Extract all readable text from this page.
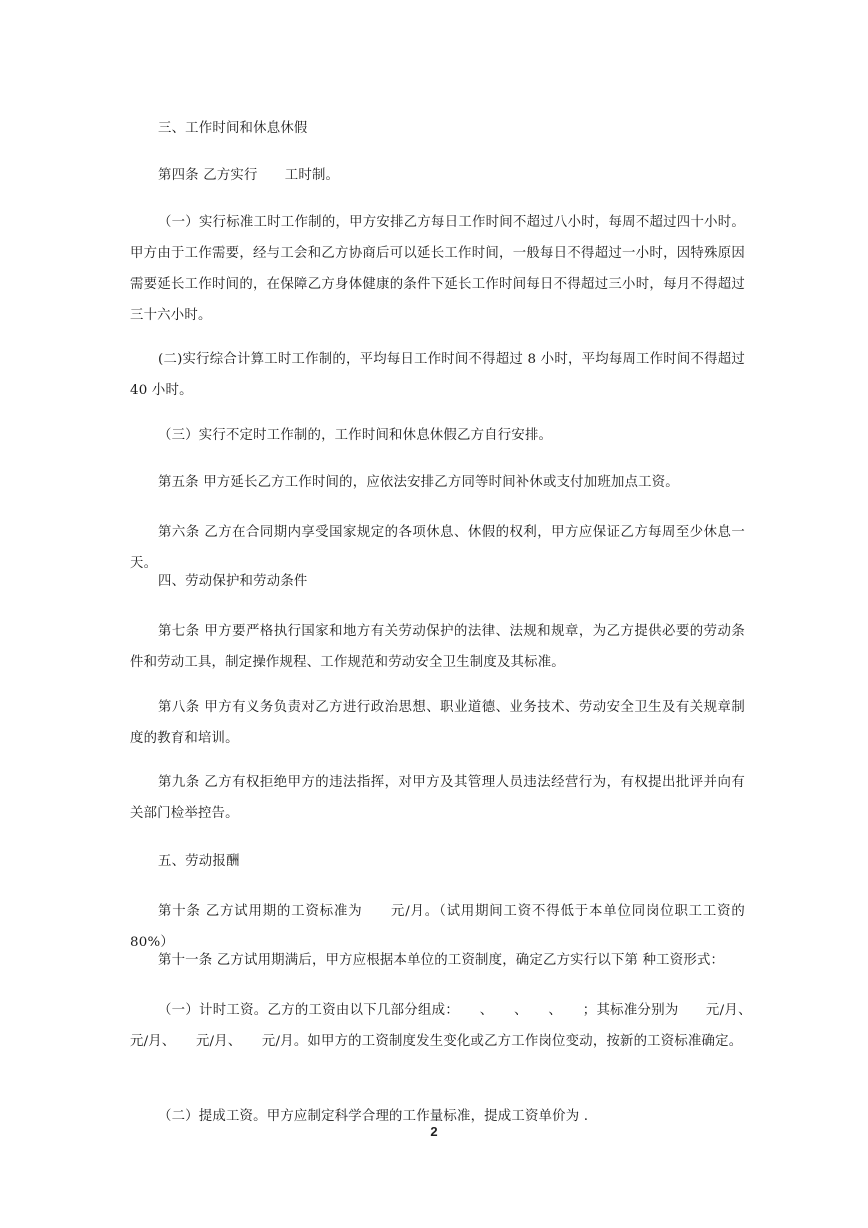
三、工作时间和休息休假

第四条 乙方实行　　工时制。

（一）实行标准工时工作制的，甲方安排乙方每日工作时间不超过八小时，每周不超过四十小时。甲方由于工作需要，经与工会和乙方协商后可以延长工作时间，一般每日不得超过一小时，因特殊原因需要延长工作时间的，在保障乙方身体健康的条件下延长工作时间每日不得超过三小时，每月不得超过三十六小时。

(二)实行综合计算工时工作制的，平均每日工作时间不得超过 8 小时，平均每周工作时间不得超过 40 小时。

（三）实行不定时工作制的，工作时间和休息休假乙方自行安排。

第五条 甲方延长乙方工作时间的，应依法安排乙方同等时间补休或支付加班加点工资。

第六条 乙方在合同期内享受国家规定的各项休息、休假的权利，甲方应保证乙方每周至少休息一天。

四、劳动保护和劳动条件

第七条 甲方要严格执行国家和地方有关劳动保护的法律、法规和规章，为乙方提供必要的劳动条件和劳动工具，制定操作规程、工作规范和劳动安全卫生制度及其标准。

第八条 甲方有义务负责对乙方进行政治思想、职业道德、业务技术、劳动安全卫生及有关规章制度的教育和培训。

第九条 乙方有权拒绝甲方的违法指挥，对甲方及其管理人员违法经营行为，有权提出批评并向有关部门检举控告。

五、劳动报酬

第十条 乙方试用期的工资标准为　　元/月。（试用期间工资不得低于本单位同岗位职工工资的 80%）

第十一条 乙方试用期满后，甲方应根据本单位的工资制度，确定乙方实行以下第 种工资形式：

（一）计时工资。乙方的工资由以下几部分组成：　　、　　、　　、　　；其标准分别为　　元/月、　　元/月、　　元/月、　　元/月。如甲方的工资制度发生变化或乙方工作岗位变动，按新的工资标准确定。

（二）提成工资。甲方应制定科学合理的工作量标准，提成工资单价为 .

2
